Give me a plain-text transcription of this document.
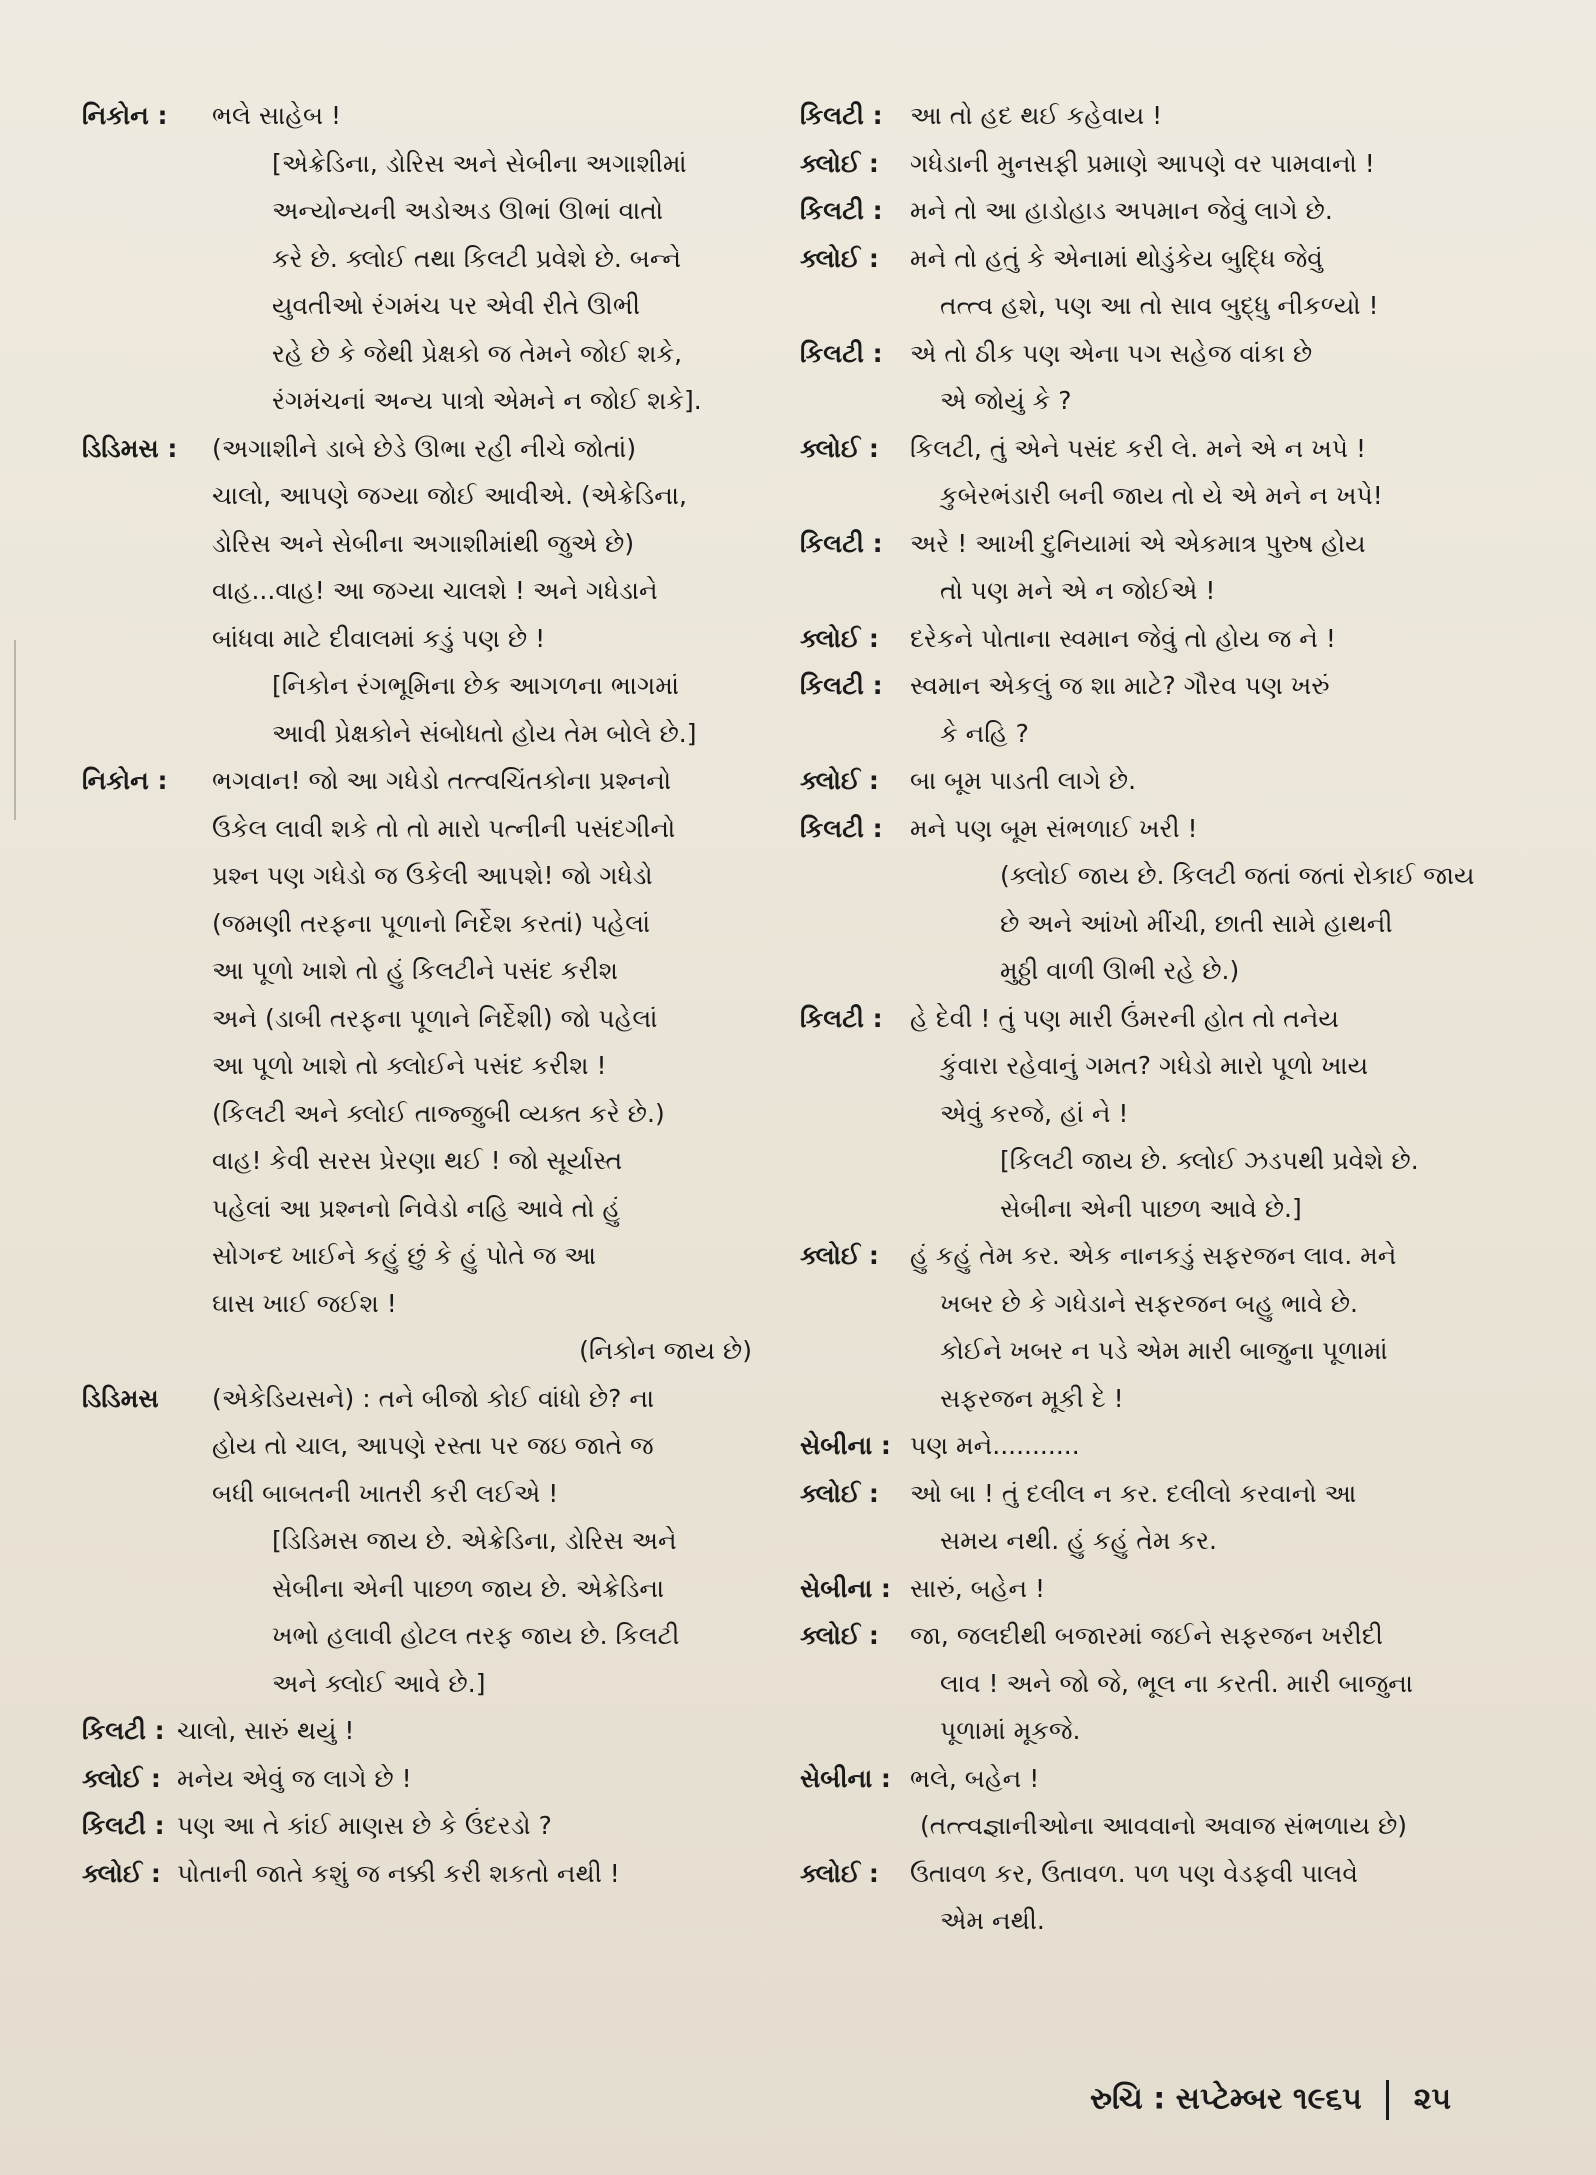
નિકોન : ભલે સાહેબ !
[એક્રેડિના, ડોરિસ અને સેબીના અગાશીમાં
અન્યોન્યની અડોઅડ ઊભાં ઊભાં વાતો
કરે છે. ક્લોઈ તથા કિલટી પ્રવેશે છે. બન્ને
યુવતીઓ રંગમંચ પર એવી રીતે ઊભી
રહે છે કે જેથી પ્રેક્ષકો જ તેમને જોઈ શકે,
રંગમંચનાં અન્ય પાત્રો એમને ન જોઈ શકે].
ડિડિમસ : (અગાશીને ડાબે છેડે ઊભા રહી નીચે જોતાં)
ચાલો, આપણે જગ્યા જોઈ આવીએ. (એક્રેડિના,
ડોરિસ અને સેબીના અગાશીમાંથી જુએ છે)
વાહ...વાહ! આ જગ્યા ચાલશે ! અને ગધેડાને
બાંધવા માટે દીવાલમાં કડું પણ છે !
[નિકોન રંગભૂમિના છેક આગળના ભાગમાં
આવી પ્રેક્ષકોને સંબોધતો હોય તેમ બોલે છે.]
નિકોન : ભગવાન! જો આ ગધેડો તત્ત્વચિંતકોના પ્રશ્નનો
ઉકેલ લાવી શકે તો તો મારો પત્નીની પસંદગીનો
પ્રશ્ન પણ ગધેડો જ ઉકેલી આપશે! જો ગધેડો
(જમણી તરફના પૂળાનો નિર્દેશ કરતાં) પહેલાં
આ પૂળો ખાશે તો હું કિલટીને પસંદ કરીશ
અને (ડાબી તરફના પૂળાને નિર્દેશી) જો પહેલાં
આ પૂળો ખાશે તો ક્લોઈને પસંદ કરીશ !
(કિલટી અને ક્લોઈ તાજ્જુબી વ્યક્ત કરે છે.)
વાહ! કેવી સરસ પ્રેરણા થઈ ! જો સૂર્યાસ્ત
પહેલાં આ પ્રશ્નનો નિવેડો નહિ આવે તો હું
સોગન્દ ખાઈને કહું છું કે હું પોતે જ આ
ઘાસ ખાઈ જઈશ !
(નિકોન જાય છે)
ડિડિમસ (એકેડિયસને) : તને બીજો કોઈ વાંધો છે? ના
હોય તો ચાલ, આપણે રસ્તા પર જઇ જાતે જ
બધી બાબતની ખાતરી કરી લઈએ !
[ડિડિમસ જાય છે. એક્રેડિના, ડોરિસ અને
સેબીના એની પાછળ જાય છે. એક્રેડિના
ખભો હલાવી હોટલ તરફ જાય છે. કિલટી
અને ક્લોઈ આવે છે.]
કિલટી : ચાલો, સારું થયું !
ક્લોઈ : મનેય એવું જ લાગે છે !
કિલટી : પણ આ તે કાંઈ માણસ છે કે ઉંદરડો ?
ક્લોઈ : પોતાની જાતે કશું જ નક્કી કરી શકતો નથી !
કિલટી : આ તો હદ થઈ કહેવાય !
ક્લોઈ : ગધેડાની મુનસફી પ્રમાણે આપણે વર પામવાનો !
કિલટી : મને તો આ હાડોહાડ અપમાન જેવું લાગે છે.
ક્લોઈ : મને તો હતું કે એનામાં થોડુંકેય બુદ્ધિ જેવું
તત્ત્વ હશે, પણ આ તો સાવ બુદ્ધુ નીકળ્યો !
કિલટી : એ તો ઠીક પણ એના પગ સહેજ વાંકા છે
એ જોયું કે ?
ક્લોઈ : કિલટી, તું એને પસંદ કરી લે. મને એ ન ખપે !
કુબેરભંડારી બની જાય તો યે એ મને ન ખપે!
કિલટી : અરે ! આખી દુનિયામાં એ એકમાત્ર પુરુષ હોય
તો પણ મને એ ન જોઈએ !
ક્લોઈ : દરેકને પોતાના સ્વમાન જેવું તો હોય જ ને !
કિલટી : સ્વમાન એકલું જ શા માટે? ગૌરવ પણ ખરું
કે નહિ ?
ક્લોઈ : બા બૂમ પાડતી લાગે છે.
કિલટી : મને પણ બૂમ સંભળાઈ ખરી !
(ક્લોઈ જાય છે. કિલટી જતાં જતાં રોકાઈ જાય
છે અને આંખો મીંચી, છાતી સામે હાથની
મુઠ્ઠી વાળી ઊભી રહે છે.)
કિલટી : હે દેવી ! તું પણ મારી ઉંમરની હોત તો તનેય
કુંવારા રહેવાનું ગમત? ગધેડો મારો પૂળો ખાય
એવું કરજે, હાં ને !
[કિલટી જાય છે. ક્લોઈ ઝડપથી પ્રવેશે છે.
સેબીના એની પાછળ આવે છે.]
ક્લોઈ : હું કહું તેમ કર. એક નાનકડું સફરજન લાવ. મને
ખબર છે કે ગધેડાને સફરજન બહુ ભાવે છે.
કોઈને ખબર ન પડે એમ મારી બાજુના પૂળામાં
સફરજન મૂકી દે !
સેબીના : પણ મને...........
ક્લોઈ : ઓ બા ! તું દલીલ ન કર. દલીલો કરવાનો આ
સમય નથી. હું કહું તેમ કર.
સેબીના : સારું, બહેન !
ક્લોઈ : જા, જલદીથી બજારમાં જઈને સફરજન ખરીદી
લાવ ! અને જો જે, ભૂલ ના કરતી. મારી બાજુના
પૂળામાં મૂકજે.
સેબીના : ભલે, બહેન !
(તત્ત્વજ્ઞાનીઓના આવવાનો અવાજ સંભળાય છે)
ક્લોઈ : ઉતાવળ કર, ઉતાવળ. પળ પણ વેડફવી પાલવે
એમ નથી.
રુચિ : સપ્ટેમ્બર ૧૯૬૫ ૨૫
